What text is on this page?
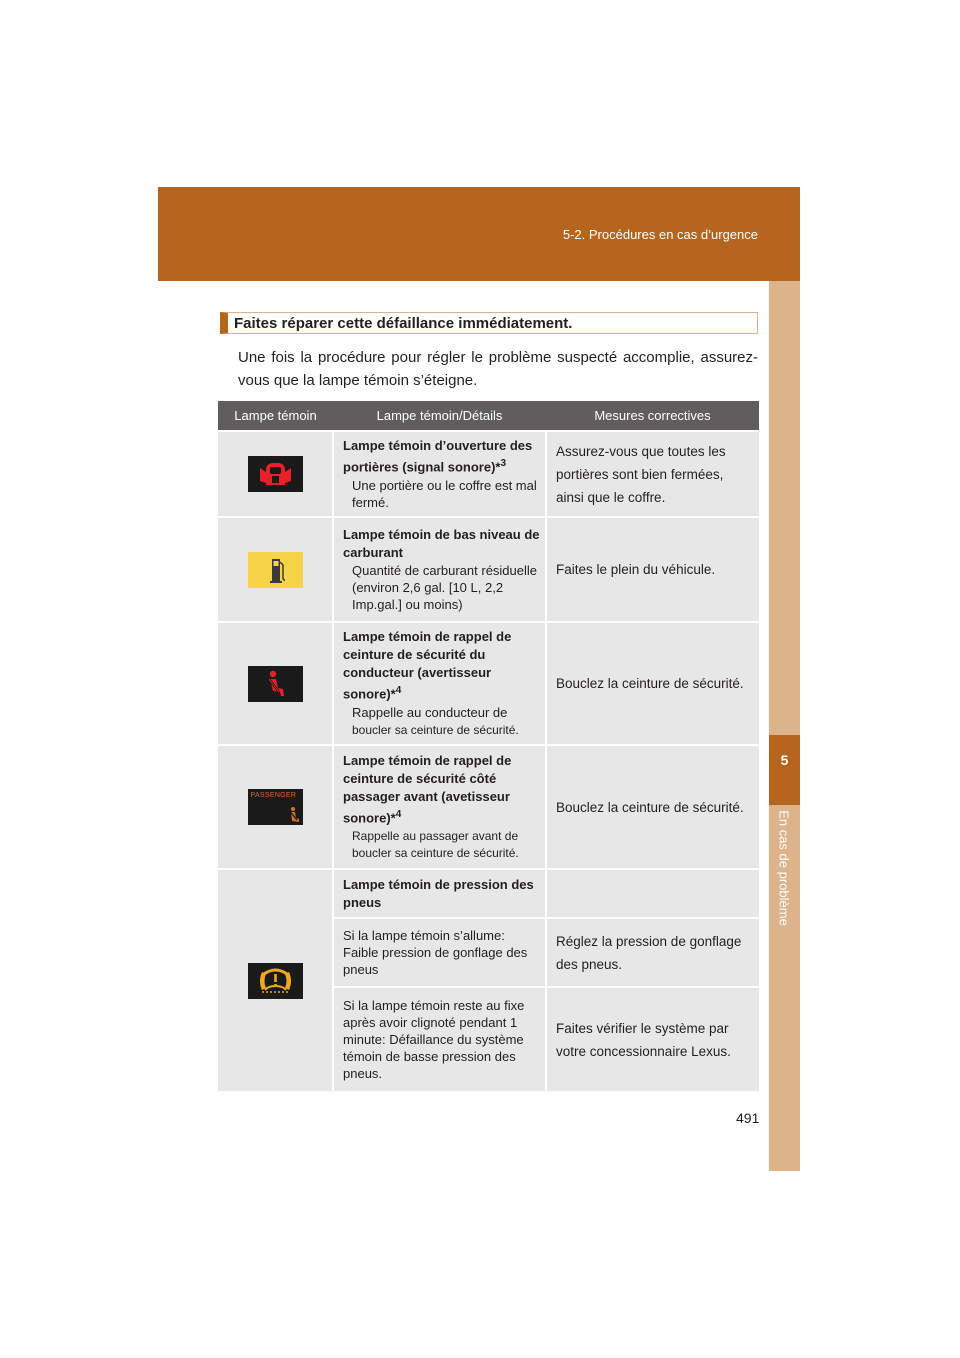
5-2. Procédures en cas d’urgence
5
En cas de problème
Faites réparer cette défaillance immédiatement.
Une fois la procédure pour régler le problème suspecté accomplie, assurez-vous que la lampe témoin s’éteigne.
Lampe témoin	Lampe témoin/Détails	Mesures correctives

Lampe témoin d’ouverture des portières (signal sonore)*$^3$
Une portière ou le coffre est mal fermé.	Assurez-vous que toutes les portières sont bien fermées, ainsi que le coffre.

Lampe témoin de bas niveau de carburant
Quantité de carburant résiduelle (environ 2,6 gal. [10 L, 2,2 Imp.gal.] ou moins)	Faites le plein du véhicule.

Lampe témoin de rappel de ceinture de sécurité du conducteur (avertisseur sonore)*$^4$
Rappelle au conducteur de
boucler sa ceinture de sécurité.	Bouclez la ceinture de sécurité.

PASSENGER	Lampe témoin de rappel de ceinture de sécurité côté passager avant (avetisseur sonore)*$^4$
Rappelle au passager avant de boucler sa ceinture de sécurité.	Bouclez la ceinture de sécurité.

Lampe témoin de pression des pneus	

	Si la lampe témoin s’allume: Faible pression de gonflage des pneus	Réglez la pression de gonflage des pneus.

	Si la lampe témoin reste au fixe après avoir clignoté pendant 1 minute: Défaillance du système témoin de basse pression des pneus.	Faites vérifier le système par votre concessionnaire Lexus.
491
